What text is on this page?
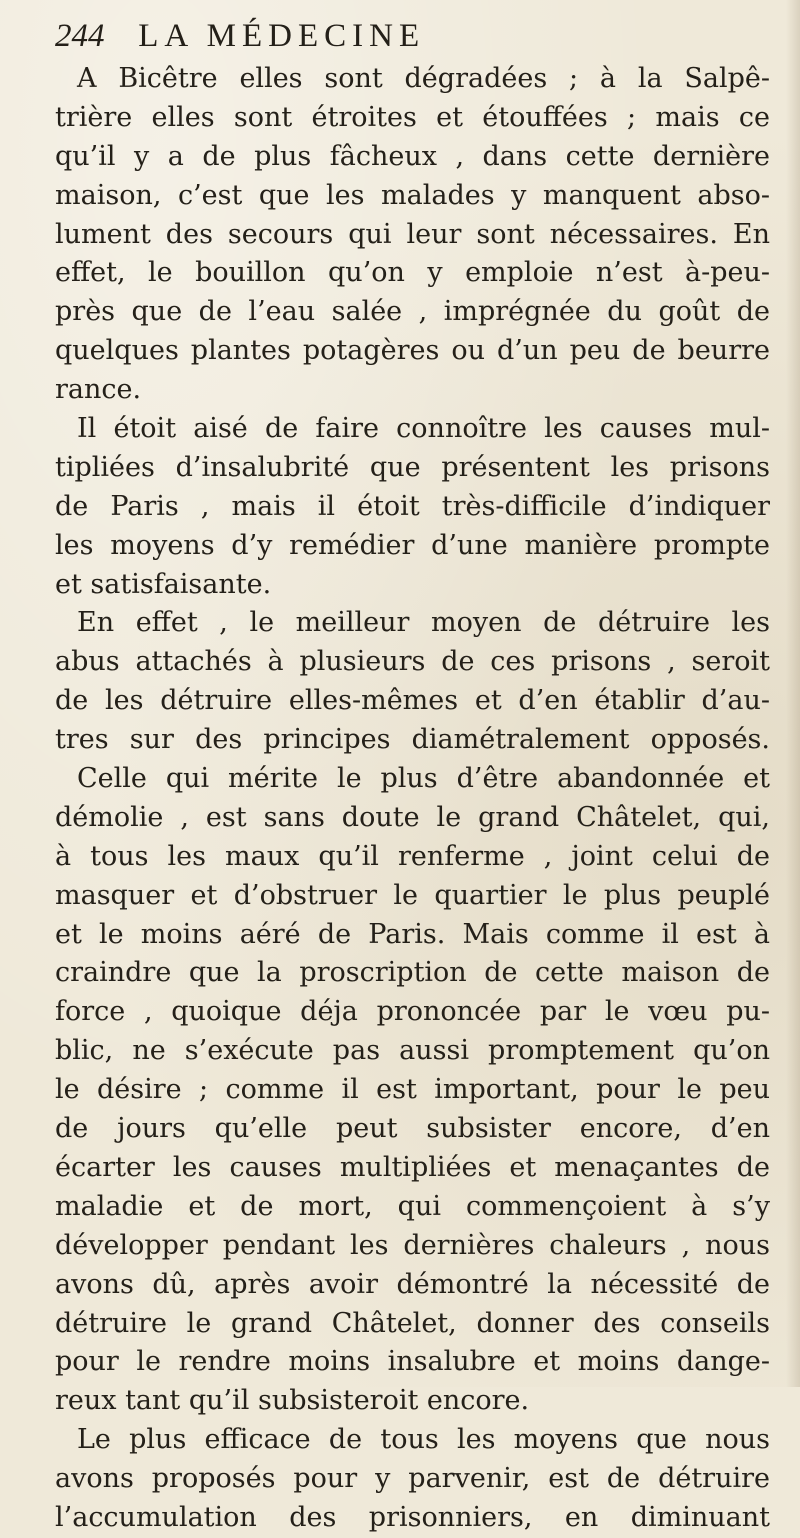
244 LA MÉDECINE
A Bicêtre elles sont dégradées ; à la Salpê-
trière elles sont étroites et étouffées ; mais ce
qu’il y a de plus fâcheux , dans cette dernière
maison, c’est que les malades y manquent abso-
lument des secours qui leur sont nécessaires. En
effet, le bouillon qu’on y emploie n’est à-peu-
près que de l’eau salée , imprégnée du goût de
quelques plantes potagères ou d’un peu de beurre
rance.
Il étoit aisé de faire connoître les causes mul-
tipliées d’insalubrité que présentent les prisons
de Paris , mais il étoit très-difficile d’indiquer
les moyens d’y remédier d’une manière prompte
et satisfaisante.
En effet , le meilleur moyen de détruire les
abus attachés à plusieurs de ces prisons , seroit
de les détruire elles-mêmes et d’en établir d’au-
tres sur des principes diamétralement opposés.
Celle qui mérite le plus d’être abandonnée et
démolie , est sans doute le grand Châtelet, qui,
à tous les maux qu’il renferme , joint celui de
masquer et d’obstruer le quartier le plus peuplé
et le moins aéré de Paris. Mais comme il est à
craindre que la proscription de cette maison de
force , quoique déja prononcée par le vœu pu-
blic, ne s’exécute pas aussi promptement qu’on
le désire ; comme il est important, pour le peu
de jours qu’elle peut subsister encore, d’en
écarter les causes multipliées et menaçantes de
maladie et de mort, qui commençoient à s’y
développer pendant les dernières chaleurs , nous
avons dû, après avoir démontré la nécessité de
détruire le grand Châtelet, donner des conseils
pour le rendre moins insalubre et moins dange-
reux tant qu’il subsisteroit encore.
Le plus efficace de tous les moyens que nous
avons proposés pour y parvenir, est de détruire
l’accumulation des prisonniers, en diminuant
